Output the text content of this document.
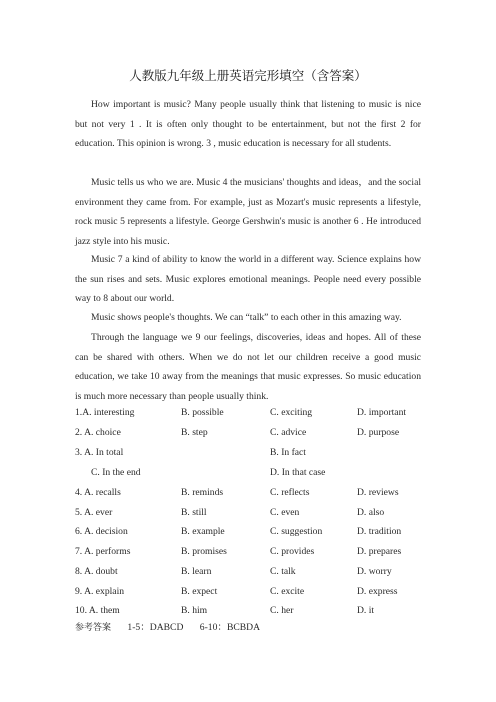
人教版九年级上册英语完形填空（含答案）

How important is music? Many people usually think that listening to music is nice but not very 1 . It is often only thought to be entertainment, but not the first 2 for education. This opinion is wrong. 3 , music education is necessary for all students.

Music tells us who we are. Music 4 the musicians' thoughts and ideas，and the social environment they came from. For example, just as Mozart's music represents a lifestyle, rock music 5 represents a lifestyle. George Gershwin's music is another 6 . He introduced jazz style into his music.

Music 7 a kind of ability to know the world in a different way. Science explains how the sun rises and sets. Music explores emotional meanings. People need every possible way to 8 about our world.

Music shows people's thoughts. We can “talk” to each other in this amazing way.

Through the language we 9 our feelings, discoveries, ideas and hopes. All of these can be shared with others. When we do not let our children receive a good music education, we take 10 away from the meanings that music expresses. So music education is much more necessary than people usually think.

1.A. interesting	B. possible	C. exciting	D. important
2. A. choice	B. step	C. advice	D. purpose
3. A. In total	B. In fact
C. In the end	D. In that case
4. A. recalls	B. reminds	C. reflects	D. reviews
5. A. ever	B. still	C. even	D. also
6. A. decision	B. example	C. suggestion	D. tradition
7. A. performs	B. promises	C. provides	D. prepares
8. A. doubt	B. learn	C. talk	D. worry
9. A. explain	B. expect	C. excite	D. express
10. A. them	B. him	C. her	D. it
参考答案 1-5：DABCD 6-10：BCBDA
